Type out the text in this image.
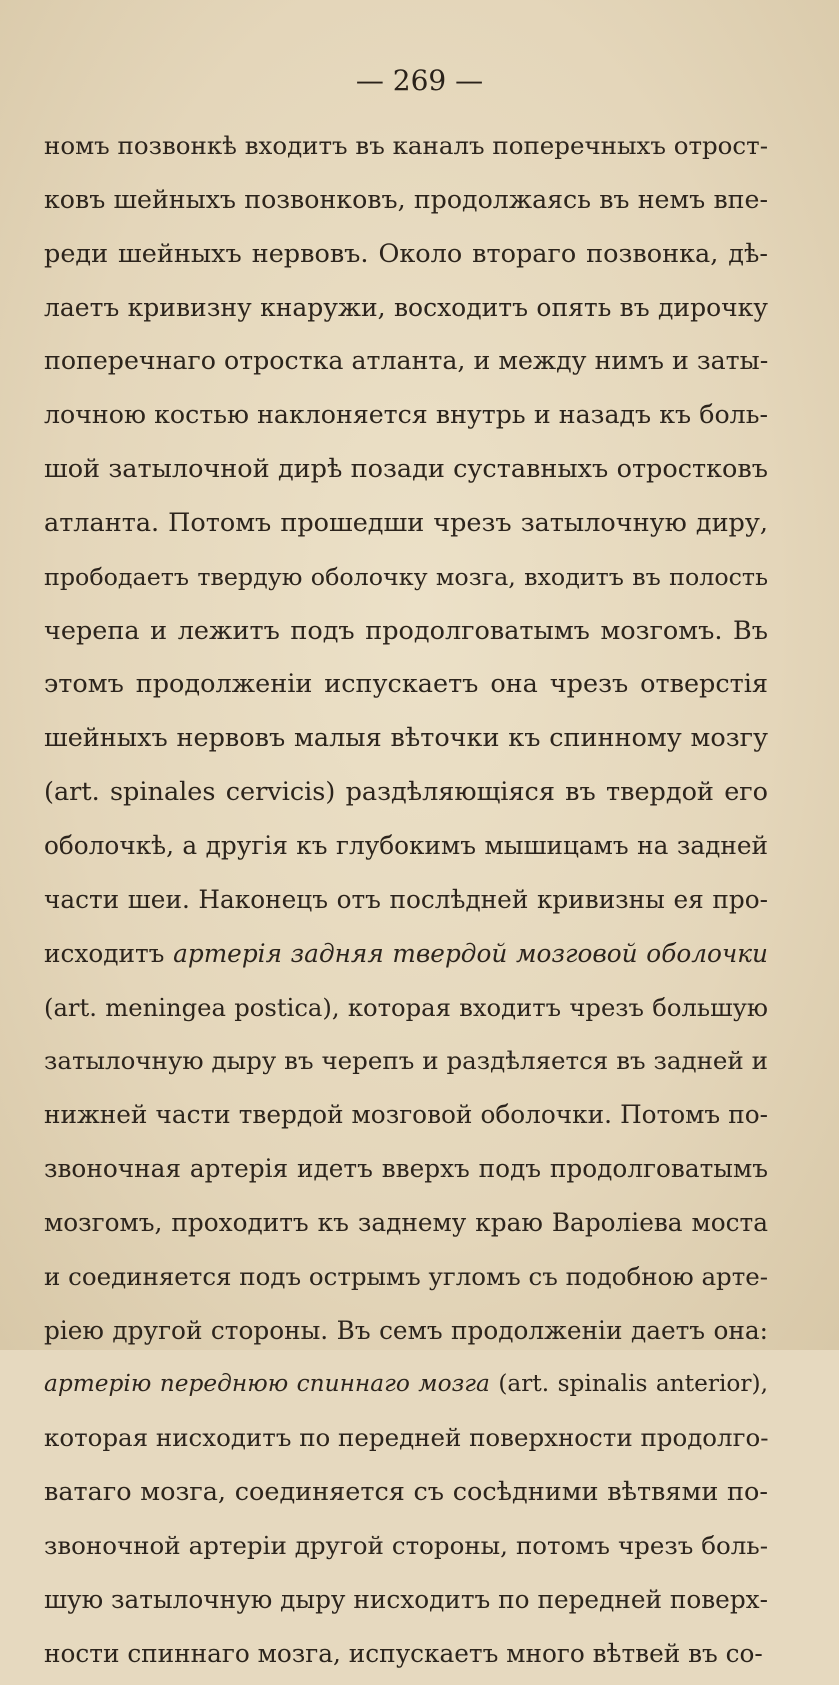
— 269 —
номъ позвонкѣ входитъ въ каналъ поперечныхъ отрост-
ковъ шейныхъ позвонковъ, продолжаясь въ немъ впе-
реди шейныхъ нервовъ. Около втораго позвонка, дѣ-
лаетъ кривизну кнаружи, восходитъ опять въ дирочку
поперечнаго отростка атланта, и между нимъ и заты-
лочною костью наклоняется внутрь и назадъ къ боль-
шой затылочной дирѣ позади суставныхъ отростковъ
атланта. Потомъ прошедши чрезъ затылочную диру,
прободаетъ твердую оболочку мозга, входитъ въ полость
черепа и лежитъ подъ продолговатымъ мозгомъ. Въ
этомъ продолженіи испускаетъ она чрезъ отверстія
шейныхъ нервовъ малыя вѣточки къ спинному мозгу
(art. spinales cervicis) раздѣляющіяся въ твердой его
оболочкѣ, а другія къ глубокимъ мышицамъ на задней
части шеи. Наконецъ отъ послѣдней кривизны ея про-
исходитъ артерія задняя твердой мозговой оболочки
(art. meningea postica), которая входитъ чрезъ большую
затылочную дыру въ черепъ и раздѣляется въ задней и
нижней части твердой мозговой оболочки. Потомъ по-
звоночная артерія идетъ вверхъ подъ продолговатымъ
мозгомъ, проходитъ къ заднему краю Вароліева моста
и соединяется подъ острымъ угломъ съ подобною арте-
ріею другой стороны. Въ семъ продолженіи даетъ она:
артерію переднюю спиннаго мозга (art. spinalis anterior),
которая нисходитъ по передней поверхности продолго-
ватаго мозга, соединяется съ сосѣдними вѣтвями по-
звоночной артеріи другой стороны, потомъ чрезъ боль-
шую затылочную дыру нисходитъ по передней поверх-
ности спиннаго мозга, испускаетъ много вѣтвей въ со-
